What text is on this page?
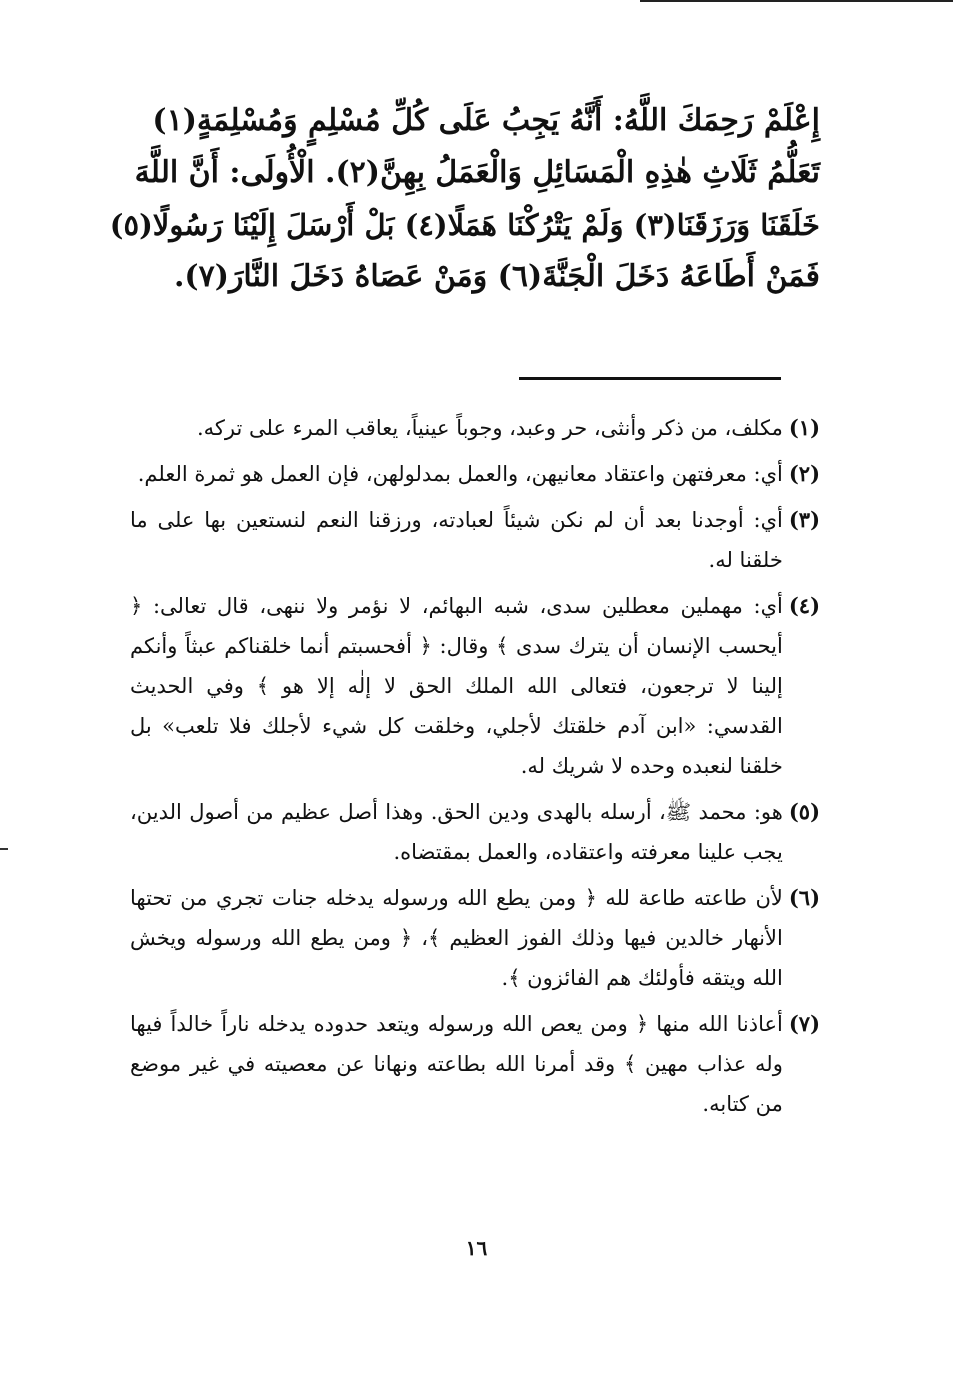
إِعْلَمْ رَحِمَكَ اللَّهُ: أَنَّهُ يَجِبُ عَلَى كُلِّ مُسْلِمٍ وَمُسْلِمَةٍ(١)
تَعَلُّمُ ثَلَاثِ هٰذِهِ الْمَسَائِلِ وَالْعَمَلُ بِهِنَّ(٢). الْأُولَى: أَنَّ اللَّهَ
خَلَقَنَا وَرَزَقَنَا(٣) وَلَمْ يَتْرُكْنَا هَمَلًا(٤) بَلْ أَرْسَلَ إِلَيْنَا رَسُولًا(٥)
فَمَنْ أَطَاعَهُ دَخَلَ الْجَنَّةَ(٦) وَمَنْ عَصَاهُ دَخَلَ النَّارَ(٧).

(١)
مكلف، من ذكر وأنثى، حر وعبد، وجوباً عينياً، يعاقب المرء على تركه.
(٢)
أي: معرفتهن واعتقاد معانيهن، والعمل بمدلولهن، فإن العمل هو ثمرة العلم.
(٣)
أي: أوجدنا بعد أن لم نكن شيئاً لعبادته، ورزقنا النعم لنستعين بها على ما خلقنا له.
(٤)
أي: مهملين معطلين سدى، شبه البهائم، لا نؤمر ولا ننهى، قال تعالى: ﴿ أيحسب الإنسان أن يترك سدى ﴾ وقال: ﴿ أفحسبتم أنما خلقناكم عبثاً وأنكم إلينا لا ترجعون، فتعالى الله الملك الحق لا إلٰه إلا هو ﴾ وفي الحديث القدسي: «ابن آدم خلقتك لأجلي، وخلقت كل شيء لأجلك فلا تلعب» بل خلقنا لنعبده وحده لا شريك له.
(٥)
هو: محمد ﷺ، أرسله بالهدى ودين الحق. وهذا أصل عظيم من أصول الدين، يجب علينا معرفته واعتقاده، والعمل بمقتضاه.
(٦)
لأن طاعته طاعة لله ﴿ ومن يطع الله ورسوله يدخله جنات تجري من تحتها الأنهار خالدين فيها وذلك الفوز العظيم ﴾، ﴿ ومن يطع الله ورسوله ويخش الله ويتقه فأولئك هم الفائزون ﴾.
(٧)
أعاذنا الله منها ﴿ ومن يعص الله ورسوله ويتعد حدوده يدخله ناراً خالداً فيها وله عذاب مهين ﴾ وقد أمرنا الله بطاعته ونهانا عن معصيته في غير موضع من كتابه.
١٦
